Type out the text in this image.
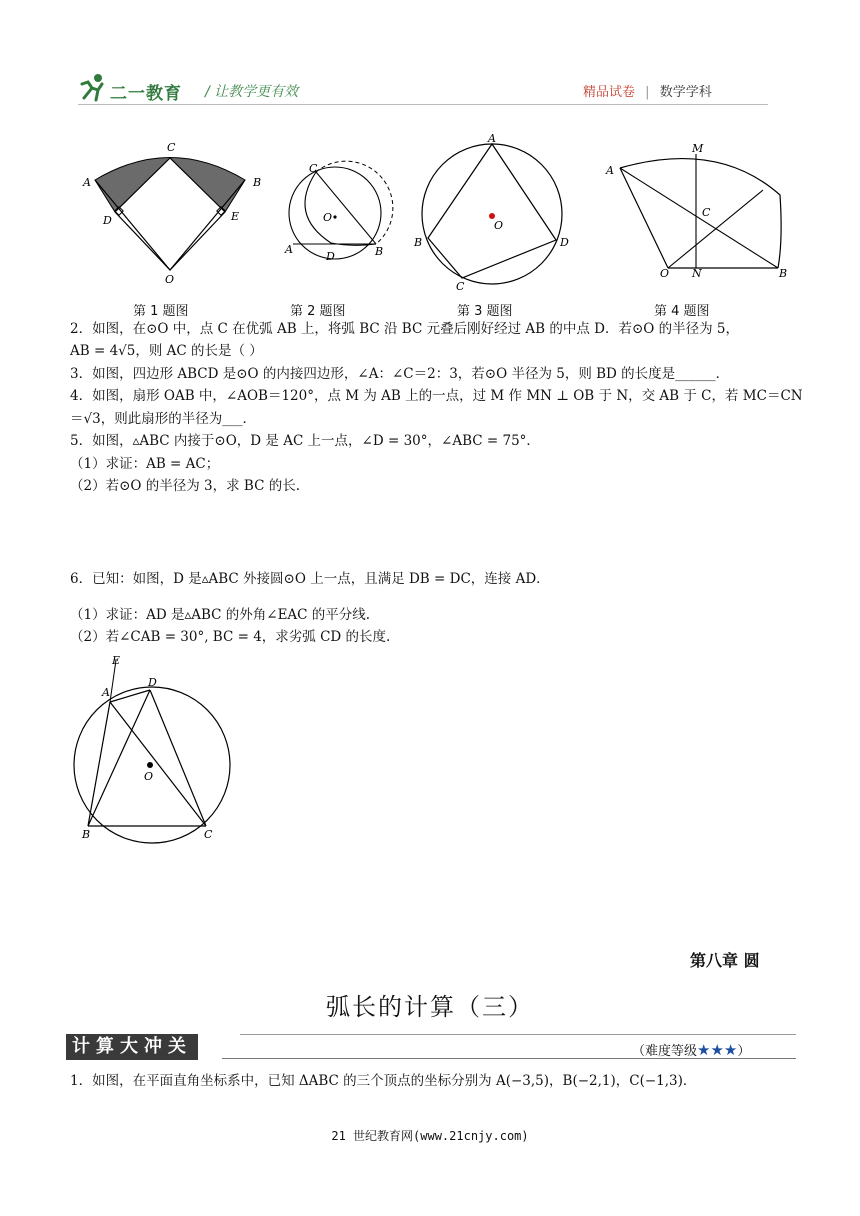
二一教育 / 让教学更有效	精品试卷 | 数学学科
C
A	B
D	E
O
C
O
A
D	B
A
B
C
D
O
M
A
C
O N	B
第 1 题图	第 2 题图	第 3 题图	第 4 题图
2．如图，在⊙O 中，点 C 在优弧 AB 上，将弧 BC 沿 BC 元叠后刚好经过 AB 的中点 D．若⊙O 的半径为 5，
AB = 4√5，则 AC 的长是（ ）
3．如图，四边形 ABCD 是⊙O 的内接四边形，∠A：∠C＝2：3，若⊙O 半径为 5，则 BD 的长度是______．
4．如图，扇形 OAB 中，∠AOB＝120°，点 M 为 AB 上的一点，过 M 作 MN ⊥ OB 于 N，交 AB 于 C，若 MC＝CN
＝√3，则此扇形的半径为___．
5．如图，▵ABC 内接于⊙O，D 是 AC 上一点，∠D = 30°，∠ABC = 75°．
（1）求证：AB = AC；
（2）若⊙O 的半径为 3，求 BC 的长.
6．已知：如图，D 是▵ABC 外接圆⊙O 上一点，且满足 DB = DC，连接 AD．
（1）求证：AD 是▵ABC 的外角∠EAC 的平分线.
（2）若∠CAB = 30°, BC = 4，求劣弧 CD 的长度.
E
A
D
O
B	C
第八章 圆
弧长的计算（三）
计算大冲关	（难度等级★★★）
1．如图，在平面直角坐标系中，已知 ΔABC 的三个顶点的坐标分别为 A(−3,5)，B(−2,1)，C(−1,3)．
21 世纪教育网(www.21cnjy.com)
